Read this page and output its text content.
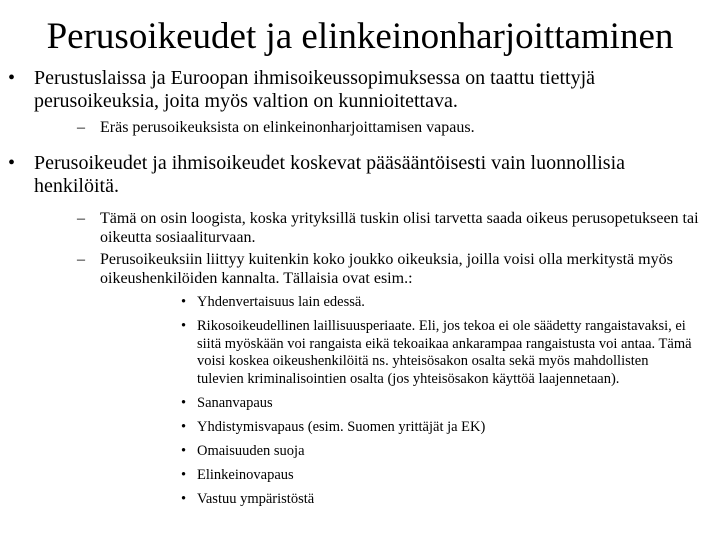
Perusoikeudet ja elinkeinonharjoittaminen
• Perustuslaissa ja Euroopan ihmisoikeussopimuksessa on taattu tiettyjä perusoikeuksia, joita myös valtion on kunnioitettava.
– Eräs perusoikeuksista on elinkeinonharjoittamisen vapaus.
• Perusoikeudet ja ihmisoikeudet koskevat pääsääntöisesti vain luonnollisia henkilöitä.
– Tämä on osin loogista, koska yrityksillä tuskin olisi tarvetta saada oikeus perusopetukseen tai oikeutta sosiaaliturvaan.
– Perusoikeuksiin liittyy kuitenkin koko joukko oikeuksia, joilla voisi olla merkitystä myös oikeushenkilöiden kannalta. Tällaisia ovat esim.:
• Yhdenvertaisuus lain edessä.
• Rikosoikeudellinen laillisuusperiaate. Eli, jos tekoa ei ole säädetty rangaistavaksi, ei siitä myöskään voi rangaista eikä tekoaikaa ankarampaa rangaistusta voi antaa. Tämä voisi koskea oikeushenkilöitä ns. yhteisösakon osalta sekä myös mahdollisten tulevien kriminalisointien osalta (jos yhteisösakon käyttöä laajennetaan).
• Sananvapaus
• Yhdistymisvapaus (esim. Suomen yrittäjät ja EK)
• Omaisuuden suoja
• Elinkeinovapaus
• Vastuu ympäristöstä
